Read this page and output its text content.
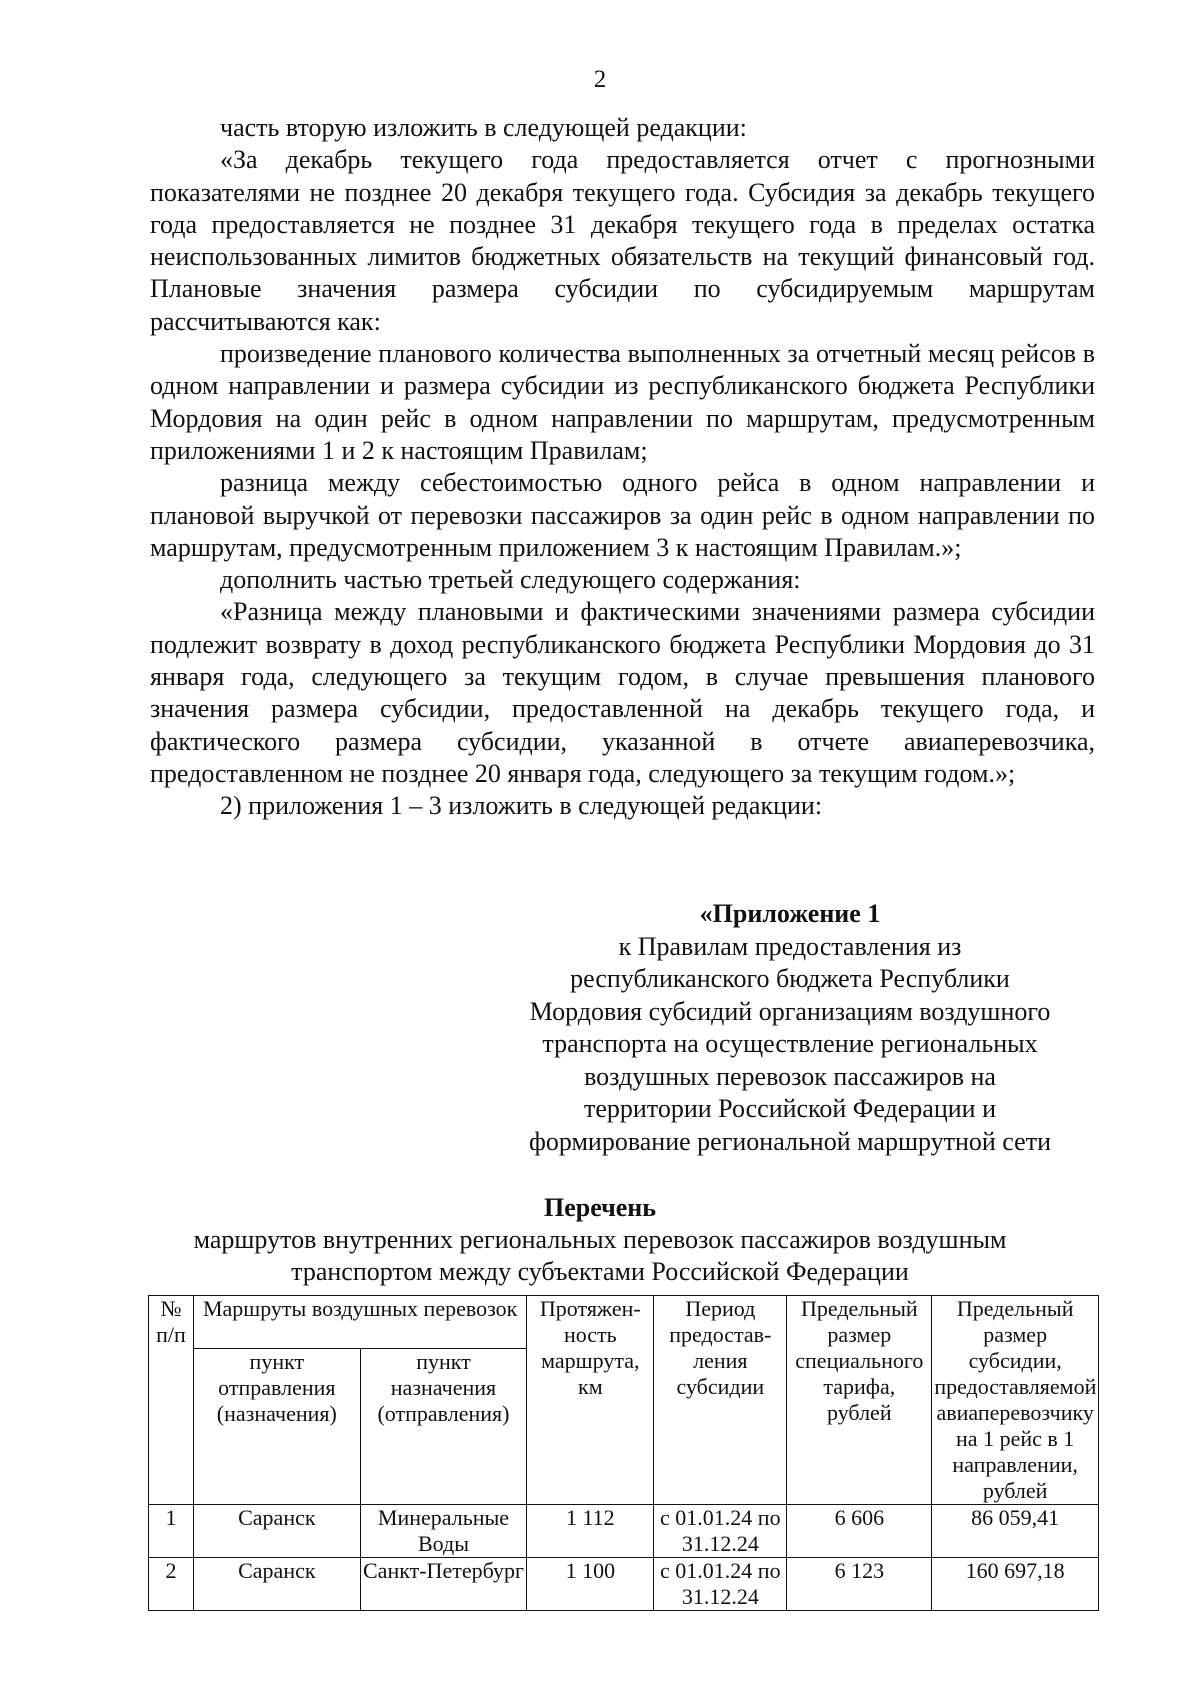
2

часть вторую изложить в следующей редакции:

«За декабрь текущего года предоставляется отчет с прогнозными показателями не позднее 20 декабря текущего года. Субсидия за декабрь текущего года предоставляется не позднее 31 декабря текущего года в пределах остатка неиспользованных лимитов бюджетных обязательств на текущий финансовый год. Плановые значения размера субсидии по субсидируемым маршрутам рассчитываются как:

произведение планового количества выполненных за отчетный месяц рейсов в одном направлении и размера субсидии из республиканского бюджета Республики Мордовия на один рейс в одном направлении по маршрутам, предусмотренным приложениями 1 и 2 к настоящим Правилам;

разница между себестоимостью одного рейса в одном направлении и плановой выручкой от перевозки пассажиров за один рейс в одном направлении по маршрутам, предусмотренным приложением 3 к настоящим Правилам.»;

дополнить частью третьей следующего содержания:

«Разница между плановыми и фактическими значениями размера субсидии подлежит возврату в доход республиканского бюджета Республики Мордовия до 31 января года, следующего за текущим годом, в случае превышения планового значения размера субсидии, предоставленной на декабрь текущего года, и фактического размера субсидии, указанной в отчете авиаперевозчика, предоставленном не позднее 20 января года, следующего за текущим годом.»;

2) приложения 1 – 3 изложить в следующей редакции:

«Приложение 1
к Правилам предоставления из
республиканского бюджета Республики
Мордовия субсидий организациям воздушного
транспорта на осуществление региональных
воздушных перевозок пассажиров на
территории Российской Федерации и
формирование региональной маршрутной сети
Перечень
маршрутов внутренних региональных перевозок пассажиров воздушным
транспортом между субъектами Российской Федерации
№ п/п	Маршруты воздушных перевозок		Протяжен-ность маршрута, км	Период предостав-ления субсидии	Предельный размер специального тарифа, рублей	Предельный размер субсидии, предоставляемой авиаперевозчику на 1 рейс в 1 направлении, рублей
	пункт отправления (назначения)	пункт назначения (отправления)				
1	Саранск	Минеральные Воды	1 112	с 01.01.24 по 31.12.24	6 606	86 059,41
2	Саранск	Санкт-Петербург	1 100	с 01.01.24 по 31.12.24	6 123	160 697,18
